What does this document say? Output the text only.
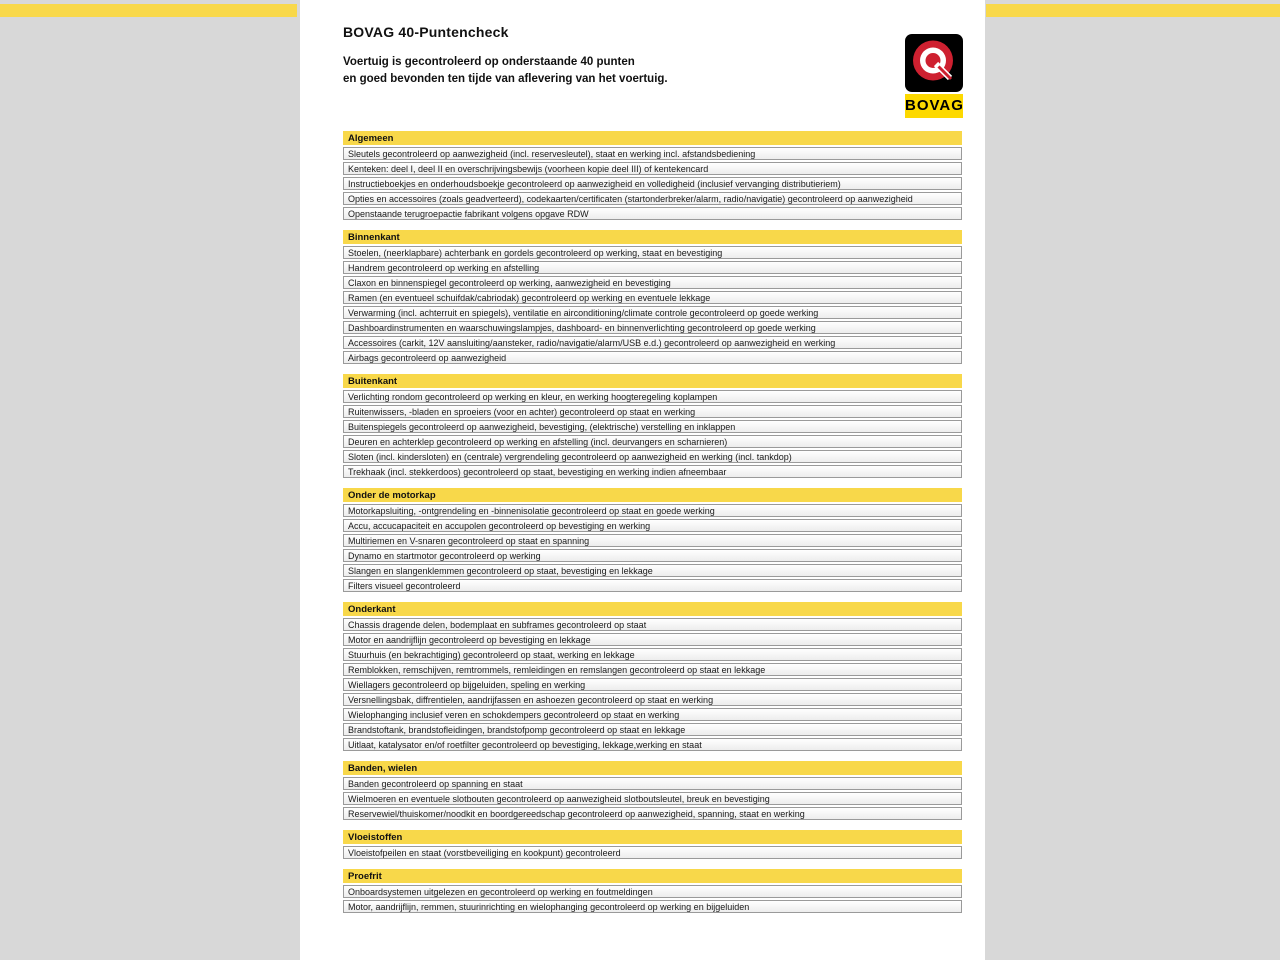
BOVAG 40-Puntencheck
Voertuig is gecontroleerd op onderstaande 40 punten
en goed bevonden ten tijde van aflevering van het voertuig.
BOVAG
Algemeen
Sleutels gecontroleerd op aanwezigheid (incl. reservesleutel), staat en werking incl. afstandsbediening
Kenteken: deel I, deel II en overschrijvingsbewijs (voorheen kopie deel III) of kentekencard
Instructieboekjes en onderhoudsboekje gecontroleerd op aanwezigheid en volledigheid (inclusief vervanging distributieriem)
Opties en accessoires (zoals geadverteerd), codekaarten/certificaten (startonderbreker/alarm, radio/navigatie) gecontroleerd op aanwezigheid
Openstaande terugroepactie fabrikant volgens opgave RDW
Binnenkant
Stoelen, (neerklapbare) achterbank en gordels gecontroleerd op werking, staat en bevestiging
Handrem gecontroleerd op werking en afstelling
Claxon en binnenspiegel gecontroleerd op werking, aanwezigheid en bevestiging
Ramen (en eventueel schuifdak/cabriodak) gecontroleerd op werking en eventuele lekkage
Verwarming (incl. achterruit en spiegels), ventilatie en airconditioning/climate controle gecontroleerd op goede werking
Dashboardinstrumenten en waarschuwingslampjes, dashboard- en binnenverlichting gecontroleerd op goede werking
Accessoires (carkit, 12V aansluiting/aansteker, radio/navigatie/alarm/USB e.d.) gecontroleerd op aanwezigheid en werking
Airbags gecontroleerd op aanwezigheid
Buitenkant
Verlichting rondom gecontroleerd op werking en kleur, en werking hoogteregeling koplampen
Ruitenwissers, -bladen en sproeiers (voor en achter) gecontroleerd op staat en werking
Buitenspiegels gecontroleerd op aanwezigheid, bevestiging, (elektrische) verstelling en inklappen
Deuren en achterklep gecontroleerd op werking en afstelling (incl. deurvangers en scharnieren)
Sloten (incl. kindersloten) en (centrale) vergrendeling gecontroleerd op aanwezigheid en werking (incl. tankdop)
Trekhaak (incl. stekkerdoos) gecontroleerd op staat, bevestiging en werking indien afneembaar
Onder de motorkap
Motorkapsluiting, -ontgrendeling en -binnenisolatie gecontroleerd op staat en goede werking
Accu, accucapaciteit en accupolen gecontroleerd op bevestiging en werking
Multiriemen en V-snaren gecontroleerd op staat en spanning
Dynamo en startmotor gecontroleerd op werking
Slangen en slangenklemmen gecontroleerd op staat, bevestiging en lekkage
Filters visueel gecontroleerd
Onderkant
Chassis dragende delen, bodemplaat en subframes gecontroleerd op staat
Motor en aandrijflijn gecontroleerd op bevestiging en lekkage
Stuurhuis (en bekrachtiging) gecontroleerd op staat, werking en lekkage
Remblokken, remschijven, remtrommels, remleidingen en remslangen gecontroleerd op staat en lekkage
Wiellagers gecontroleerd op bijgeluiden, speling en werking
Versnellingsbak, diffrentielen, aandrijfassen en ashoezen gecontroleerd op staat en werking
Wielophanging inclusief veren en schokdempers gecontroleerd op staat en werking
Brandstoftank, brandstofleidingen, brandstofpomp gecontroleerd op staat en lekkage
Uitlaat, katalysator en/of roetfilter gecontroleerd op bevestiging, lekkage,werking en staat
Banden, wielen
Banden gecontroleerd op spanning en staat
Wielmoeren en eventuele slotbouten gecontroleerd op aanwezigheid slotboutsleutel, breuk en bevestiging
Reservewiel/thuiskomer/noodkit en boordgereedschap gecontroleerd op aanwezigheid, spanning, staat en werking
Vloeistoffen
Vloeistofpeilen en staat (vorstbeveiliging en kookpunt) gecontroleerd
Proefrit
Onboardsystemen uitgelezen en gecontroleerd op werking en foutmeldingen
Motor, aandrijflijn, remmen, stuurinrichting en wielophanging gecontroleerd op werking en bijgeluiden
